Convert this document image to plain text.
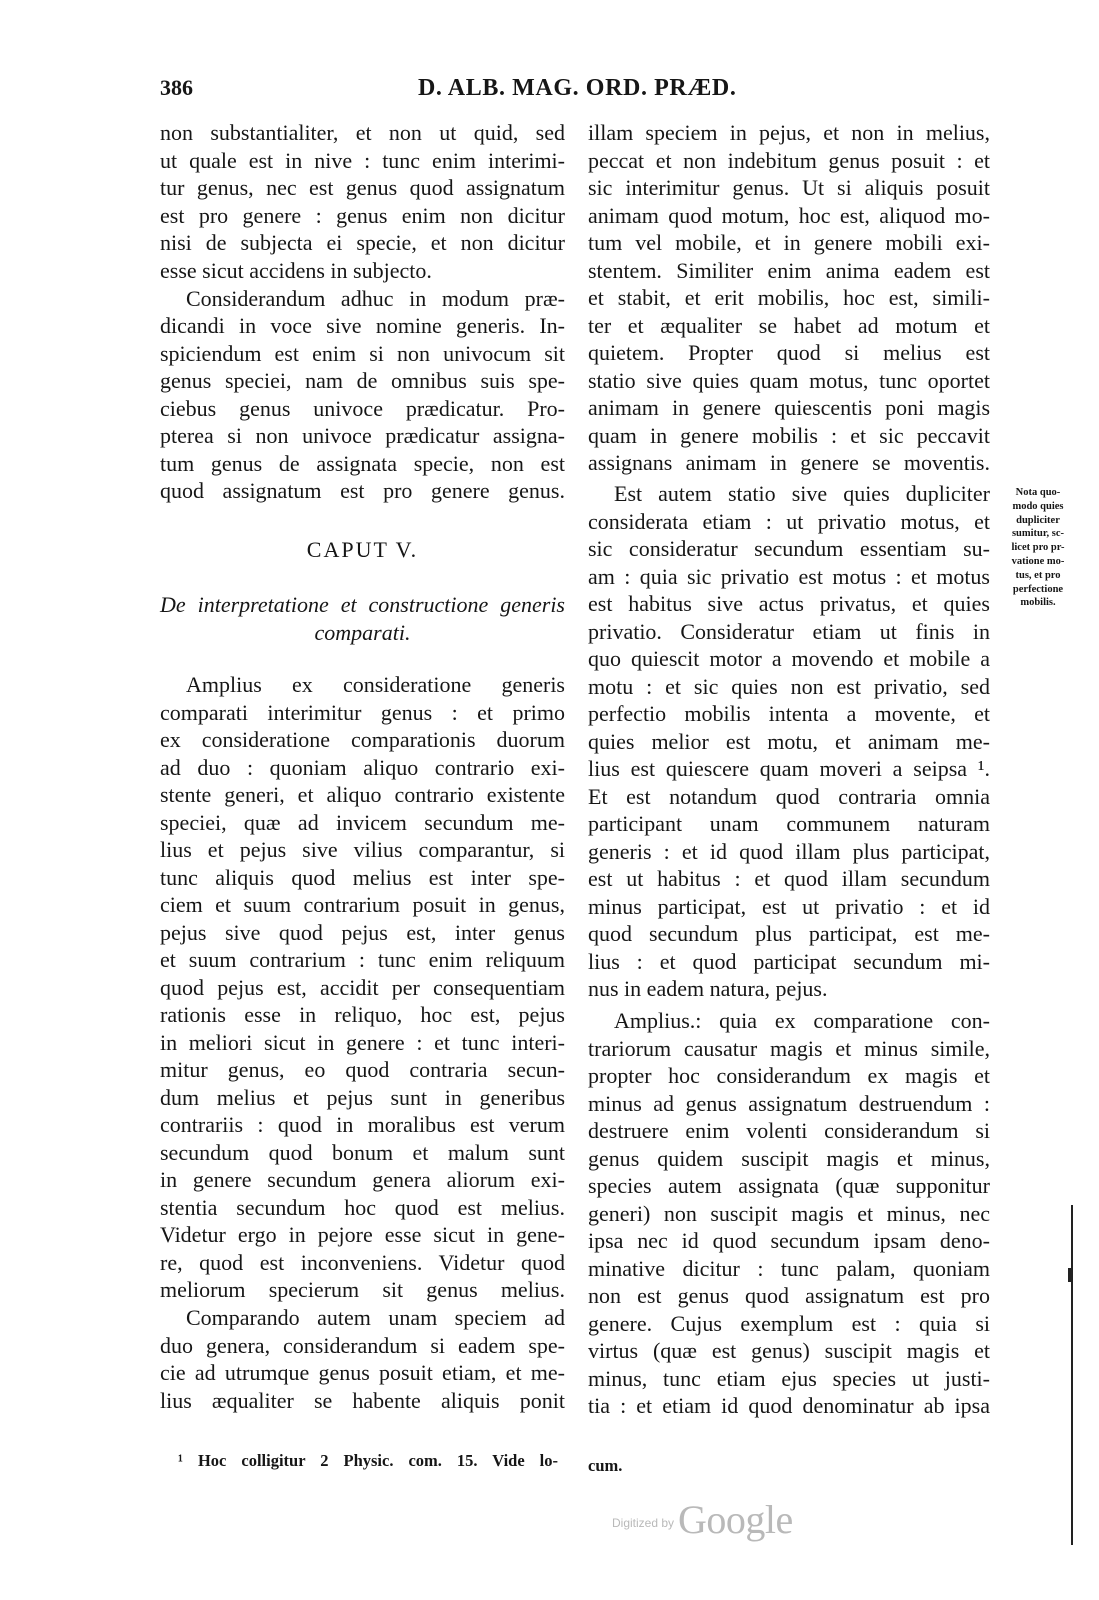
386	D. ALB. MAG. ORD. PRÆD.
non substantialiter, et non ut quid, sed
ut quale est in nive : tunc enim interimi-
tur genus, nec est genus quod assignatum
est pro genere : genus enim non dicitur
nisi de subjecta ei specie, et non dicitur
esse sicut accidens in subjecto.
Considerandum adhuc in modum præ-
dicandi in voce sive nomine generis. In-
spiciendum est enim si non univocum sit
genus speciei, nam de omnibus suis spe-
ciebus genus univoce prædicatur. Pro-
pterea si non univoce prædicatur assigna-
tum genus de assignata specie, non est
quod assignatum est pro genere genus.
CAPUT V.
De interpretatione et constructione generis
comparati.
Amplius ex consideratione generis
comparati interimitur genus : et primo
ex consideratione comparationis duorum
ad duo : quoniam aliquo contrario exi-
stente generi, et aliquo contrario existente
speciei, quæ ad invicem secundum me-
lius et pejus sive vilius comparantur, si
tunc aliquis quod melius est inter spe-
ciem et suum contrarium posuit in genus,
pejus sive quod pejus est, inter genus
et suum contrarium : tunc enim reliquum
quod pejus est, accidit per consequentiam
rationis esse in reliquo, hoc est, pejus
in meliori sicut in genere : et tunc interi-
mitur genus, eo quod contraria secun-
dum melius et pejus sunt in generibus
contrariis : quod in moralibus est verum
secundum quod bonum et malum sunt
in genere secundum genera aliorum exi-
stentia secundum hoc quod est melius.
Videtur ergo in pejore esse sicut in gene-
re, quod est inconveniens. Videtur quod
meliorum specierum sit genus melius.
Comparando autem unam speciem ad
duo genera, considerandum si eadem spe-
cie ad utrumque genus posuit etiam, et me-
lius æqualiter se habente aliquis ponit
¹ Hoc colligitur 2 Physic. com. 15. Vide lo-
illam speciem in pejus, et non in melius,
peccat et non indebitum genus posuit : et
sic interimitur genus. Ut si aliquis posuit
animam quod motum, hoc est, aliquod mo-
tum vel mobile, et in genere mobili exi-
stentem. Similiter enim anima eadem est
et stabit, et erit mobilis, hoc est, simili-
ter et æqualiter se habet ad motum et
quietem. Propter quod si melius est
statio sive quies quam motus, tunc oportet
animam in genere quiescentis poni magis
quam in genere mobilis : et sic peccavit
assignans animam in genere se moventis.
Est autem statio sive quies dupliciter
considerata etiam : ut privatio motus, et
sic consideratur secundum essentiam su-
am : quia sic privatio est motus : et motus
est habitus sive actus privatus, et quies
privatio. Consideratur etiam ut finis in
quo quiescit motor a movendo et mobile a
motu : et sic quies non est privatio, sed
perfectio mobilis intenta a movente, et
quies melior est motu, et animam me-
lius est quiescere quam moveri a seipsa ¹.
Et est notandum quod contraria omnia
participant unam communem naturam
generis : et id quod illam plus participat,
est ut habitus : et quod illam secundum
minus participat, est ut privatio : et id
quod secundum plus participat, est me-
lius : et quod participat secundum mi-
nus in eadem natura, pejus.
Amplius.: quia ex comparatione con-
trariorum causatur magis et minus simile,
propter hoc considerandum ex magis et
minus ad genus assignatum destruendum :
destruere enim volenti considerandum si
genus quidem suscipit magis et minus,
species autem assignata (quæ supponitur
generi) non suscipit magis et minus, nec
ipsa nec id quod secundum ipsam deno-
minative dicitur : tunc palam, quoniam
non est genus quod assignatum est pro
genere. Cujus exemplum est : quia si
virtus (quæ est genus) suscipit magis et
minus, tunc etiam ejus species ut justi-
tia : et etiam id quod denominatur ab ipsa
cum.
Nota quo-
modo quies
dupliciter
sumitur, sc-
licet pro pr-
vatione mo-
tus, et pro
perfectione
mobilis.
$^{Digitized by}$ Google
